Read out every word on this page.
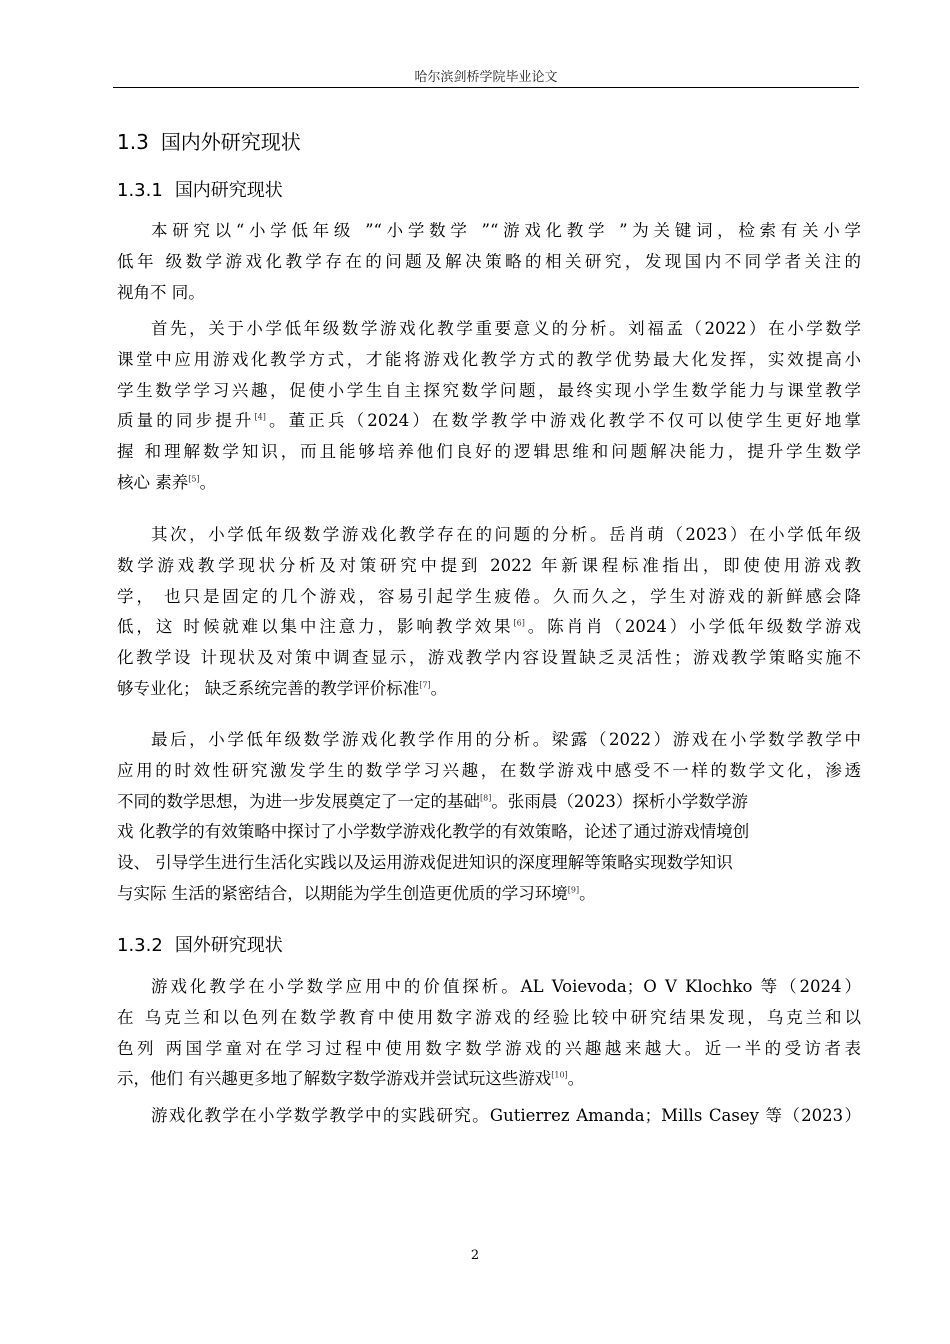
哈尔滨剑桥学院毕业论文
1.3 国内外研究现状
1.3.1 国内研究现状
本研究以“小学低年级 ”“小学数学 ”“游戏化教学 ”为关键词，检索有关小学
低年 级数学游戏化教学存在的问题及解决策略的相关研究，发现国内不同学者关注的
视角不 同。
首先，关于小学低年级数学游戏化教学重要意义的分析。刘福孟（2022）在小学数学
课堂中应用游戏化教学方式，才能将游戏化教学方式的教学优势最大化发挥，实效提高小
学生数学学习兴趣，促使小学生自主探究数学问题，最终实现小学生数学能力与课堂教学
质量的同步提升[4]。董正兵（2024）在数学教学中游戏化教学不仅可以使学生更好地掌
握 和理解数学知识，而且能够培养他们良好的逻辑思维和问题解决能力，提升学生数学
核心 素养[5]。
其次，小学低年级数学游戏化教学存在的问题的分析。岳肖萌（2023）在小学低年级
数学游戏教学现状分析及对策研究中提到 2022 年新课程标准指出，即使使用游戏教
学， 也只是固定的几个游戏，容易引起学生疲倦。久而久之，学生对游戏的新鲜感会降
低，这 时候就难以集中注意力，影响教学效果[6]。陈肖肖（2024）小学低年级数学游戏
化教学设 计现状及对策中调查显示，游戏教学内容设置缺乏灵活性；游戏教学策略实施不
够专业化； 缺乏系统完善的教学评价标准[7]。
最后，小学低年级数学游戏化教学作用的分析。梁露（2022）游戏在小学数学教学中
应用的时效性研究激发学生的数学学习兴趣，在数学游戏中感受不一样的数学文化，渗透
不同的数学思想，为进一步发展奠定了一定的基础[8]。张雨晨（2023）探析小学数学游
戏 化教学的有效策略中探讨了小学数学游戏化教学的有效策略，论述了通过游戏情境创
设、 引导学生进行生活化实践以及运用游戏促进知识的深度理解等策略实现数学知识
与实际 生活的紧密结合，以期能为学生创造更优质的学习环境[9]。
1.3.2 国外研究现状
游戏化教学在小学数学应用中的价值探析。AL Voievoda；O V Klochko 等（2024）
在 乌克兰和以色列在数学教育中使用数字游戏的经验比较中研究结果发现，乌克兰和以
色列 两国学童对在学习过程中使用数字数学游戏的兴趣越来越大。近一半的受访者表
示，他们 有兴趣更多地了解数字数学游戏并尝试玩这些游戏[10]。
游戏化教学在小学数学教学中的实践研究。Gutierrez Amanda；Mills Casey 等（2023）
2
